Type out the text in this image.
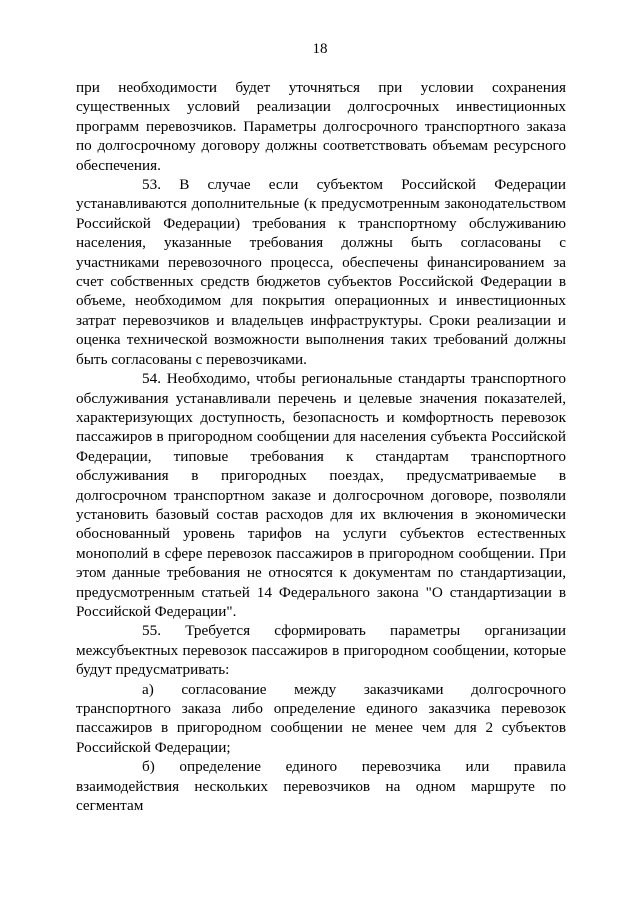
18

при необходимости будет уточняться при условии сохранения существенных условий реализации долгосрочных инвестиционных программ перевозчиков. Параметры долгосрочного транспортного заказа по долгосрочному договору должны соответствовать объемам ресурсного обеспечения.

53. В случае если субъектом Российской Федерации устанавливаются дополнительные (к предусмотренным законодательством Российской Федерации) требования к транспортному обслуживанию населения, указанные требования должны быть согласованы с участниками перевозочного процесса, обеспечены финансированием за счет собственных средств бюджетов субъектов Российской Федерации в объеме, необходимом для покрытия операционных и инвестиционных затрат перевозчиков и владельцев инфраструктуры. Сроки реализации и оценка технической возможности выполнения таких требований должны быть согласованы с перевозчиками.

54. Необходимо, чтобы региональные стандарты транспортного обслуживания устанавливали перечень и целевые значения показателей, характеризующих доступность, безопасность и комфортность перевозок пассажиров в пригородном сообщении для населения субъекта Российской Федерации, типовые требования к стандартам транспортного обслуживания в пригородных поездах, предусматриваемые в долгосрочном транспортном заказе и долгосрочном договоре, позволяли установить базовый состав расходов для их включения в экономически обоснованный уровень тарифов на услуги субъектов естественных монополий в сфере перевозок пассажиров в пригородном сообщении. При этом данные требования не относятся к документам по стандартизации, предусмотренным статьей 14 Федерального закона "О стандартизации в Российской Федерации".

55. Требуется сформировать параметры организации межсубъектных перевозок пассажиров в пригородном сообщении, которые будут предусматривать:

а) согласование между заказчиками долгосрочного транспортного заказа либо определение единого заказчика перевозок пассажиров в пригородном сообщении не менее чем для 2 субъектов Российской Федерации;

б) определение единого перевозчика или правила взаимодействия нескольких перевозчиков на одном маршруте по сегментам
